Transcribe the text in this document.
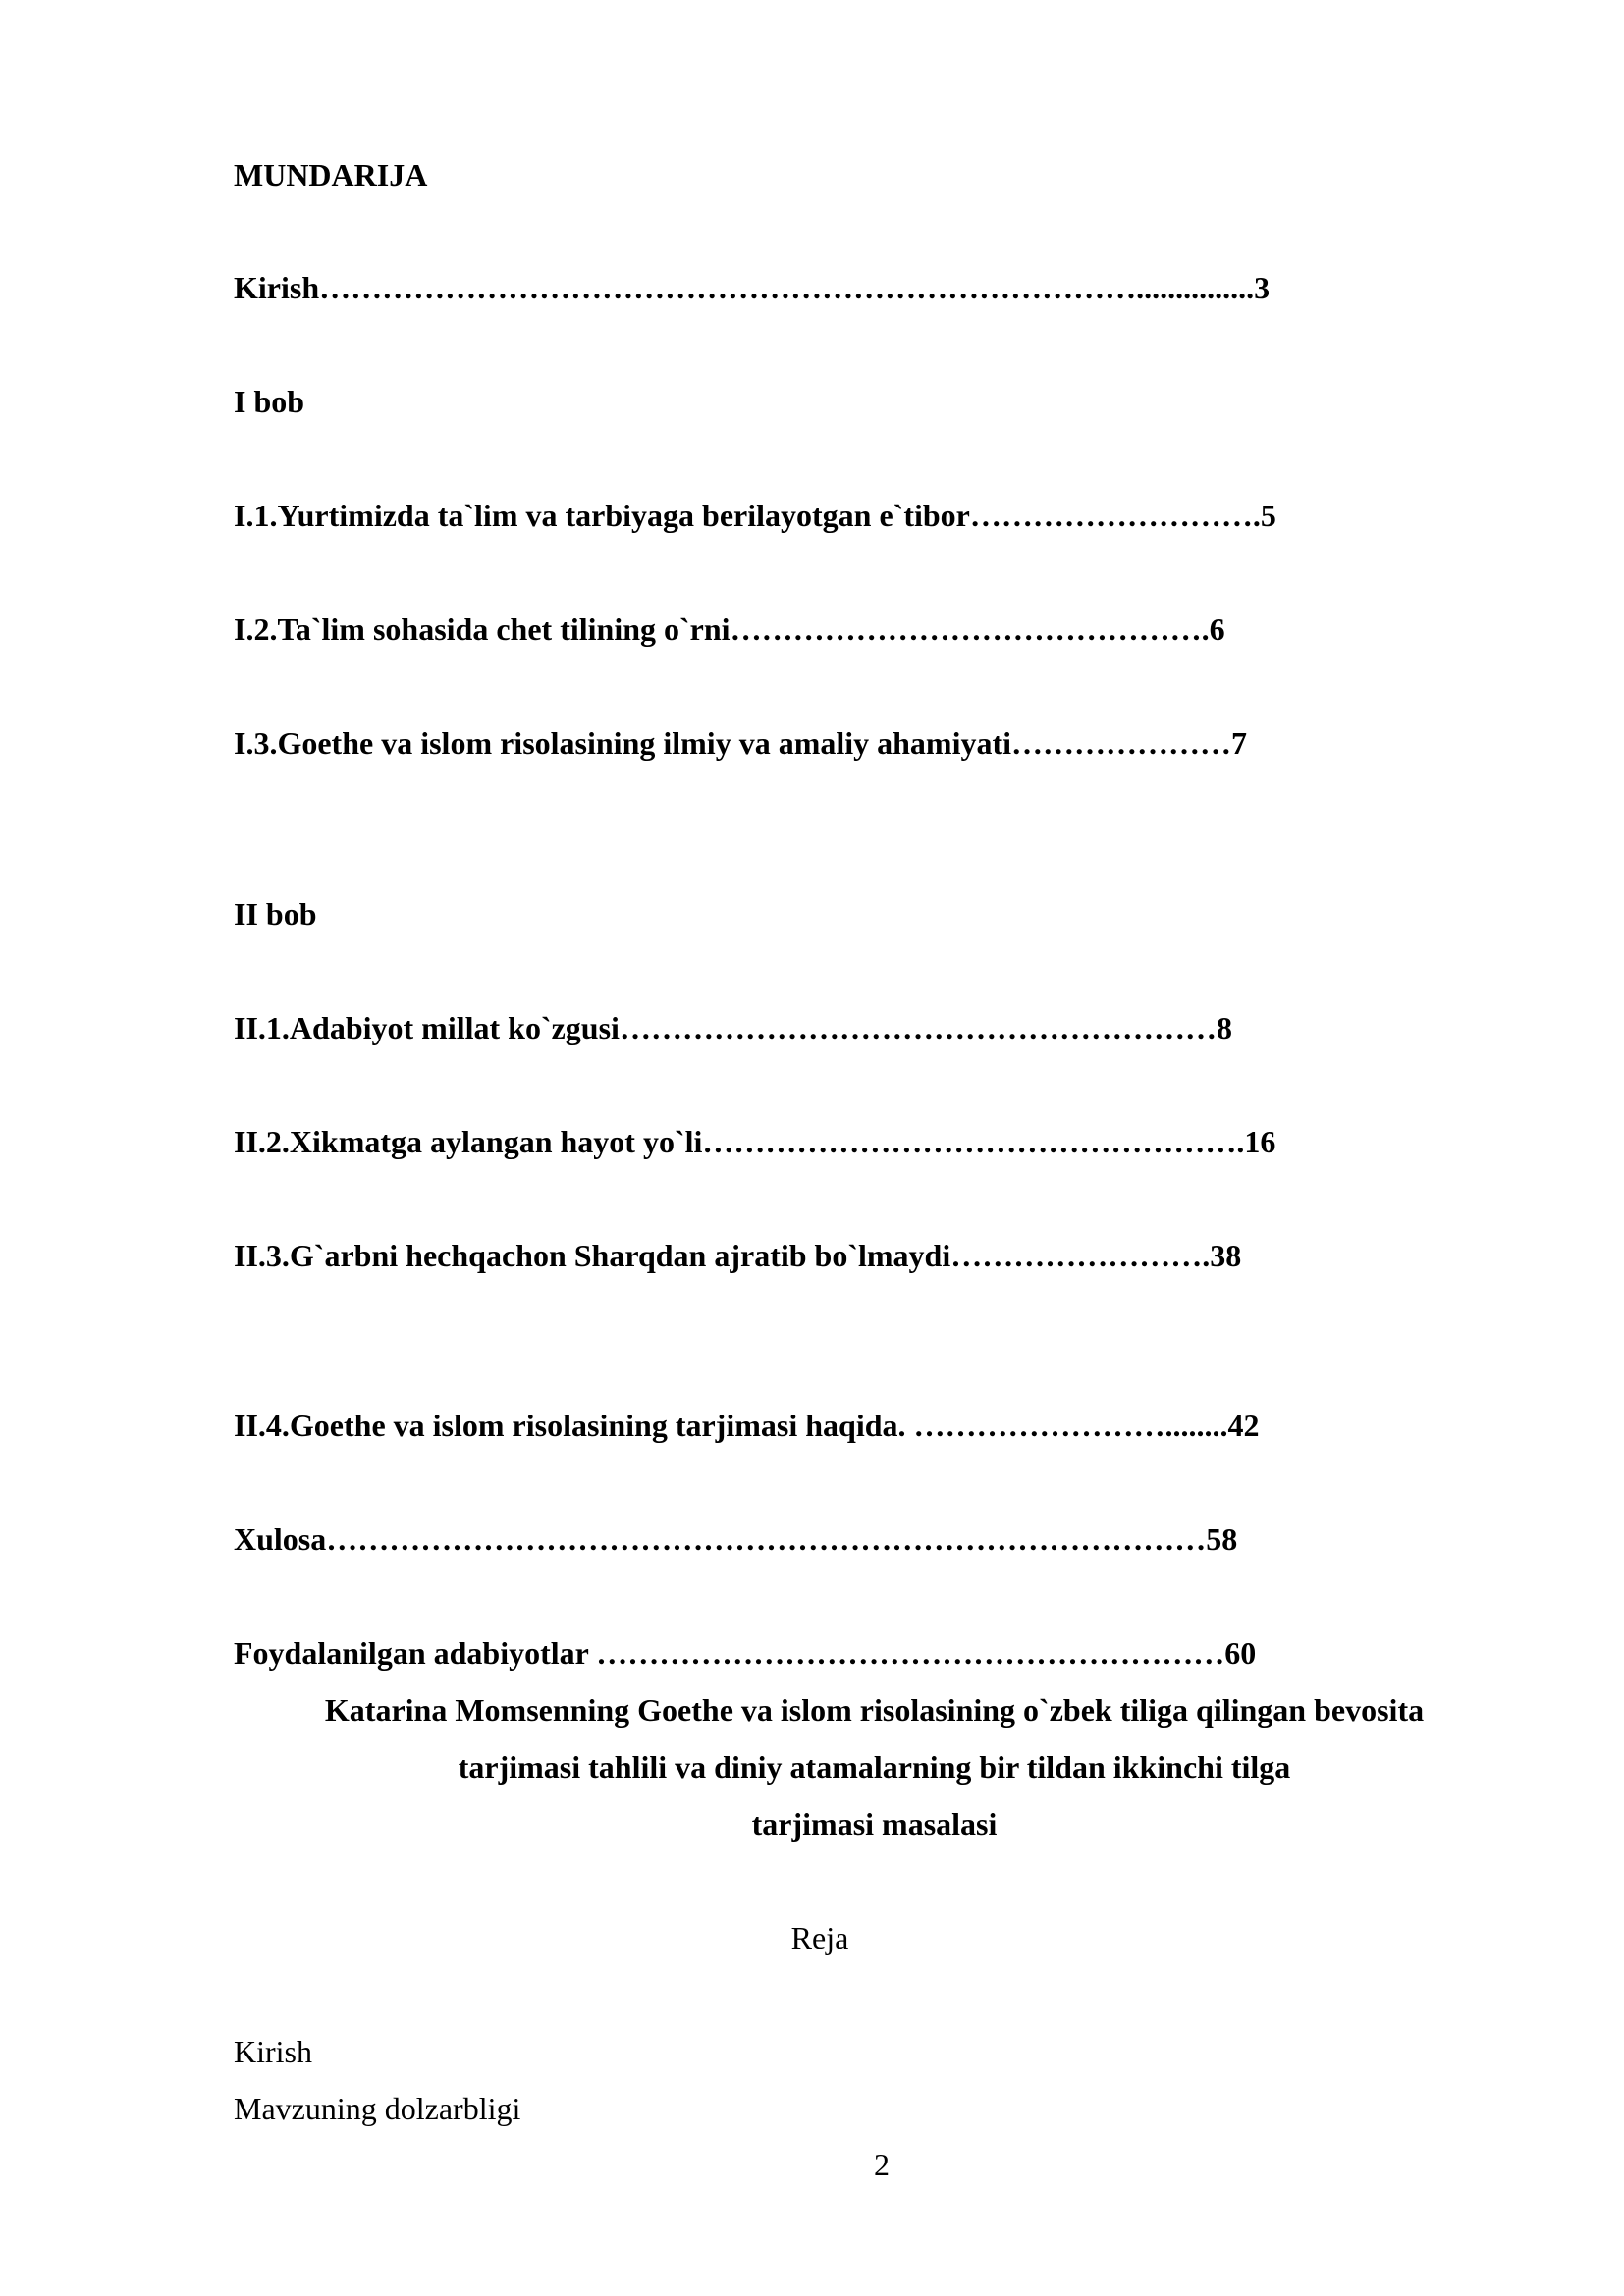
MUNDARIJA
Kirish……………………………………………………………………...............3
I bob
I.1.Yurtimizda ta`lim va tarbiyaga berilayotgan e`tibor……………………….5
I.2.Ta`lim sohasida chet tilining o`rni……………………………………….6
I.3.Goethe va islom risolasining ilmiy va amaliy ahamiyati…………………7
II bob
II.1.Adabiyot millat ko`zgusi…………………………………………………8
II.2.Xikmatga aylangan hayot yo`li…………………………………………….16
II.3.G`arbni hechqachon Sharqdan ajratib bo`lmaydi…………………….38
II.4.Goethe va islom risolasining tarjimasi haqida. ……………………........42
Xulosa…………………………………………………………………………58
Foydalanilgan adabiyotlar ……………………………………………………60
Katarina Momsenning Goethe va islom risolasining o`zbek tiliga qilingan bevosita
tarjimasi tahlili va diniy atamalarning bir tildan ikkinchi tilga
tarjimasi masalasi
Reja
Kirish
Mavzuning dolzarbligi
2
